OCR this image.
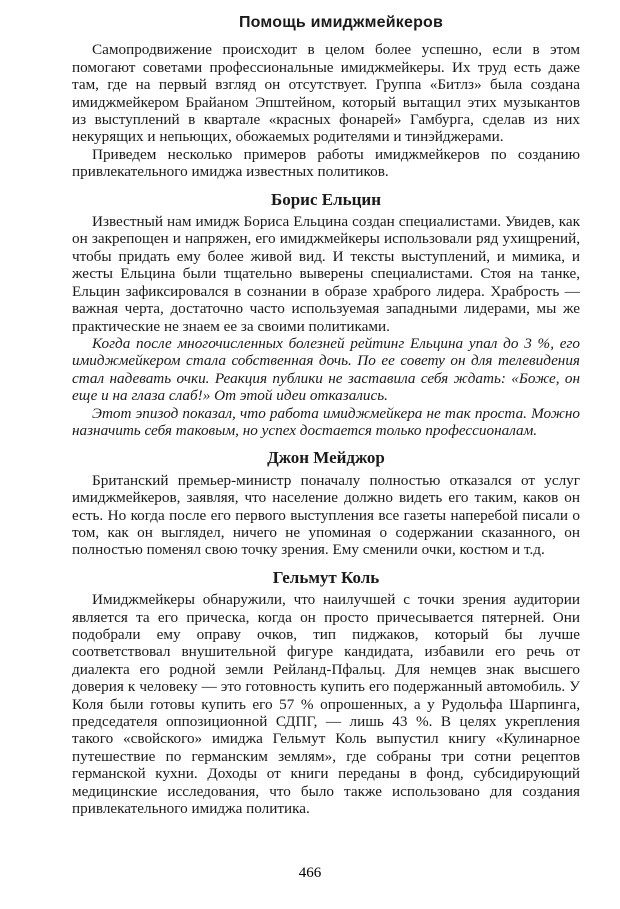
Помощь имиджмейкеров

Самопродвижение происходит в целом более успешно, если в этом помогают советами профессиональные имиджмейкеры. Их труд есть даже там, где на первый взгляд он отсутствует. Группа «Битлз» была создана имиджмейкером Брайаном Эпштейном, который вытащил этих музыкантов из выступлений в квартале «красных фонарей» Гамбурга, сделав из них некурящих и непьющих, обожаемых родителями и тинэйджерами.

Приведем несколько примеров работы имиджмейкеров по созданию привлекательного имиджа известных политиков.

Борис Ельцин

Известный нам имидж Бориса Ельцина создан специалистами. Увидев, как он закрепощен и напряжен, его имиджмейкеры использовали ряд ухищрений, чтобы придать ему более живой вид. И тексты выступлений, и мимика, и жесты Ельцина были тщательно выверены специалистами. Стоя на танке, Ельцин зафиксировался в сознании в образе храброго лидера. Храбрость — важная черта, достаточно часто используемая западными лидерами, мы же практические не знаем ее за своими политиками.

Когда после многочисленных болезней рейтинг Ельцина упал до 3 %, его имиджмейкером стала собственная дочь. По ее совету он для телевидения стал надевать очки. Реакция публики не заставила себя ждать: «Боже, он еще и на глаза слаб!» От этой идеи отказались.

Этот эпизод показал, что работа имиджмейкера не так проста. Можно назначить себя таковым, но успех достается только профессионалам.

Джон Мейджор

Британский премьер-министр поначалу полностью отказался от услуг имиджмейкеров, заявляя, что население должно видеть его таким, каков он есть. Но когда после его первого выступления все газеты наперебой писали о том, как он выглядел, ничего не упоминая о содержании сказанного, он полностью поменял свою точку зрения. Ему сменили очки, костюм и т.д.

Гельмут Коль

Имиджмейкеры обнаружили, что наилучшей с точки зрения аудитории является та его прическа, когда он просто причесывается пятерней. Они подобрали ему оправу очков, тип пиджаков, который бы лучше соответствовал внушительной фигуре кандидата, избавили его речь от диалекта его родной земли Рейланд-Пфальц. Для немцев знак высшего доверия к человеку — это готовность купить его подержанный автомобиль. У Коля были готовы купить его 57 % опрошенных, а у Рудольфа Шарпинга, председателя оппозиционной СДПГ, — лишь 43 %. В целях укрепления такого «свойского» имиджа Гельмут Коль выпустил книгу «Кулинарное путешествие по германским землям», где собраны три сотни рецептов германской кухни. Доходы от книги переданы в фонд, субсидирующий медицинские исследования, что было также использовано для создания привлекательного имиджа политика.

466
